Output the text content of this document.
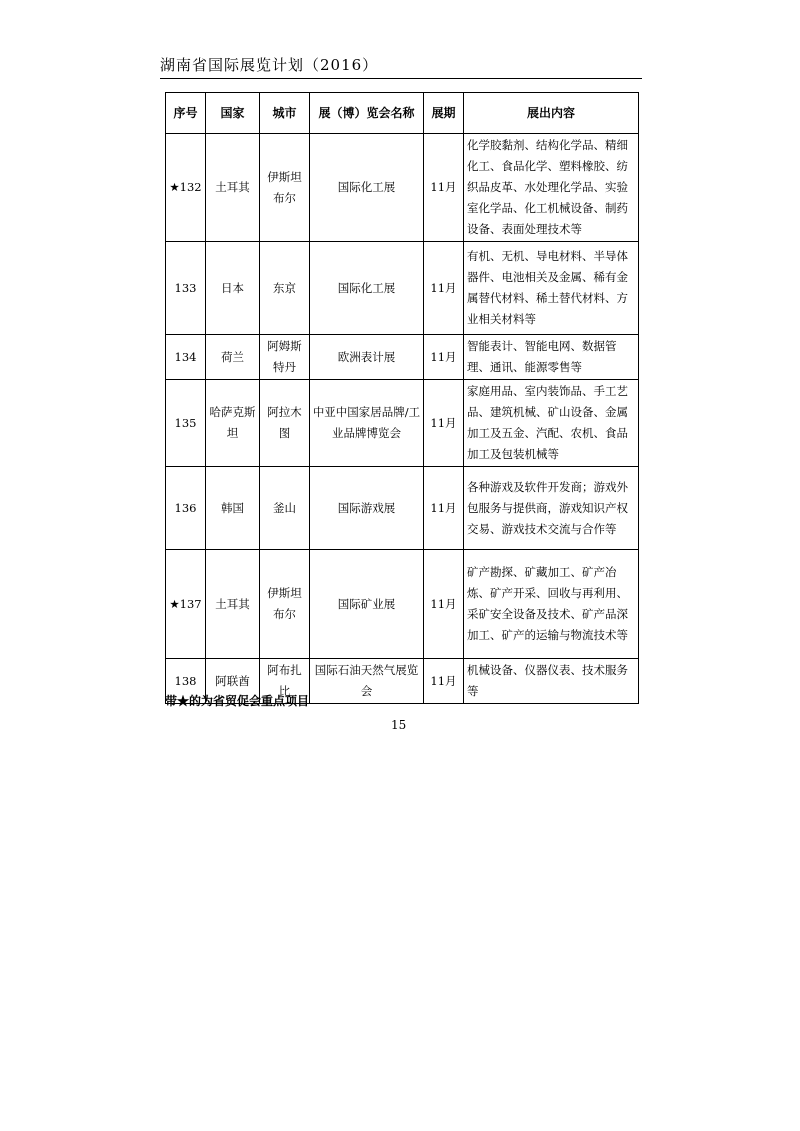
湖南省国际展览计划（2016）
序号	国家	城市	展（博）览会名称	展期	展出内容
★132	土耳其	伊斯坦布尔	国际化工展	11月	化学胶黏剂、结构化学品、精细化工、食品化学、塑料橡胶、纺织品皮革、水处理化学品、实验室化学品、化工机械设备、制药设备、表面处理技术等
133	日本	东京	国际化工展	11月	有机、无机、导电材料、半导体器件、电池相关及金属、稀有金属替代材料、稀土替代材料、方业相关材料等
134	荷兰	阿姆斯特丹	欧洲表计展	11月	智能表计、智能电网、数据管理、通讯、能源零售等
135	哈萨克斯坦	阿拉木图	中亚中国家居品牌/工业品牌博览会	11月	家庭用品、室内装饰品、手工艺品、建筑机械、矿山设备、金属加工及五金、汽配、农机、食品加工及包装机械等
136	韩国	釜山	国际游戏展	11月	各种游戏及软件开发商；游戏外包服务与提供商，游戏知识产权交易、游戏技术交流与合作等
★137	土耳其	伊斯坦布尔	国际矿业展	11月	矿产勘探、矿藏加工、矿产冶炼、矿产开采、回收与再利用、采矿安全设备及技术、矿产品深加工、矿产的运输与物流技术等
138	阿联酋	阿布扎比	国际石油天然气展览会	11月	机械设备、仪器仪表、技术服务等
带★的为省贸促会重点项目
15
